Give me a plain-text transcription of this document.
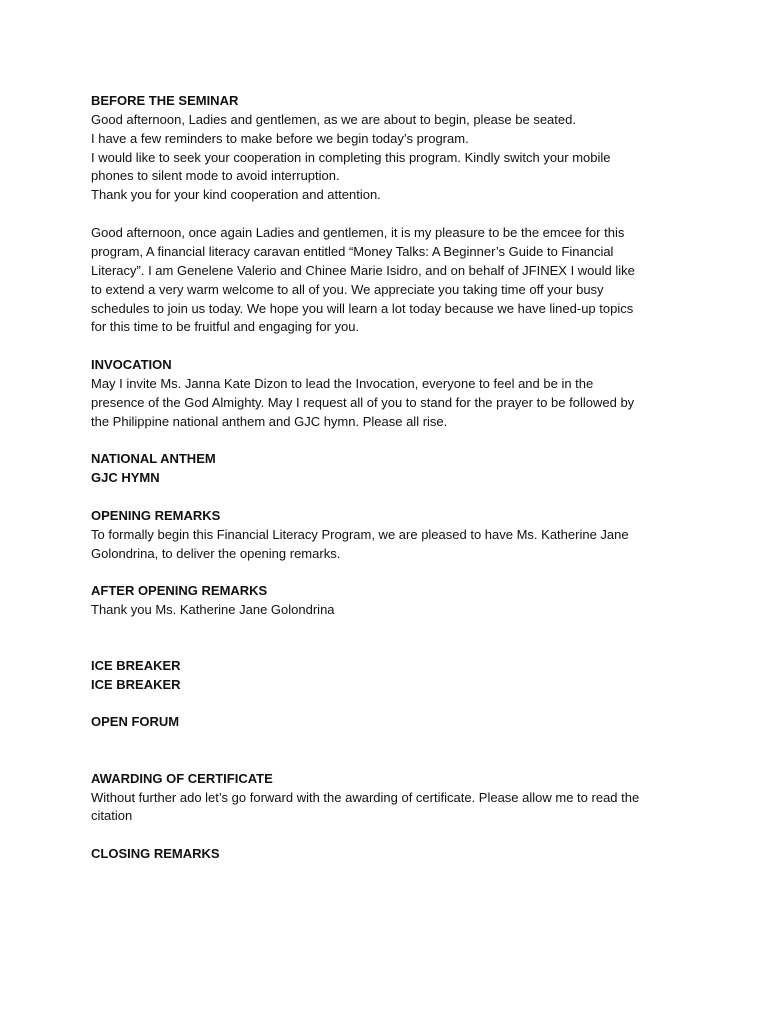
BEFORE THE SEMINAR
Good afternoon, Ladies and gentlemen, as we are about to begin, please be seated.
I have a few reminders to make before we begin today’s program.
I would like to seek your cooperation in completing this program. Kindly switch your mobile
phones to silent mode to avoid interruption.
Thank you for your kind cooperation and attention.
Good afternoon, once again Ladies and gentlemen, it is my pleasure to be the emcee for this
program, A financial literacy caravan entitled “Money Talks: A Beginner’s Guide to Financial
Literacy”. I am Genelene Valerio and Chinee Marie Isidro, and on behalf of JFINEX I would like
to extend a very warm welcome to all of you. We appreciate you taking time off your busy
schedules to join us today. We hope you will learn a lot today because we have lined-up topics
for this time to be fruitful and engaging for you.
INVOCATION
May I invite Ms. Janna Kate Dizon to lead the Invocation, everyone to feel and be in the
presence of the God Almighty. May I request all of you to stand for the prayer to be followed by
the Philippine national anthem and GJC hymn. Please all rise.
NATIONAL ANTHEM
GJC HYMN
OPENING REMARKS
To formally begin this Financial Literacy Program, we are pleased to have Ms. Katherine Jane
Golondrina, to deliver the opening remarks.
AFTER OPENING REMARKS
Thank you Ms. Katherine Jane Golondrina
ICE BREAKER
ICE BREAKER
OPEN FORUM
AWARDING OF CERTIFICATE
Without further ado let’s go forward with the awarding of certificate. Please allow me to read the
citation
CLOSING REMARKS
